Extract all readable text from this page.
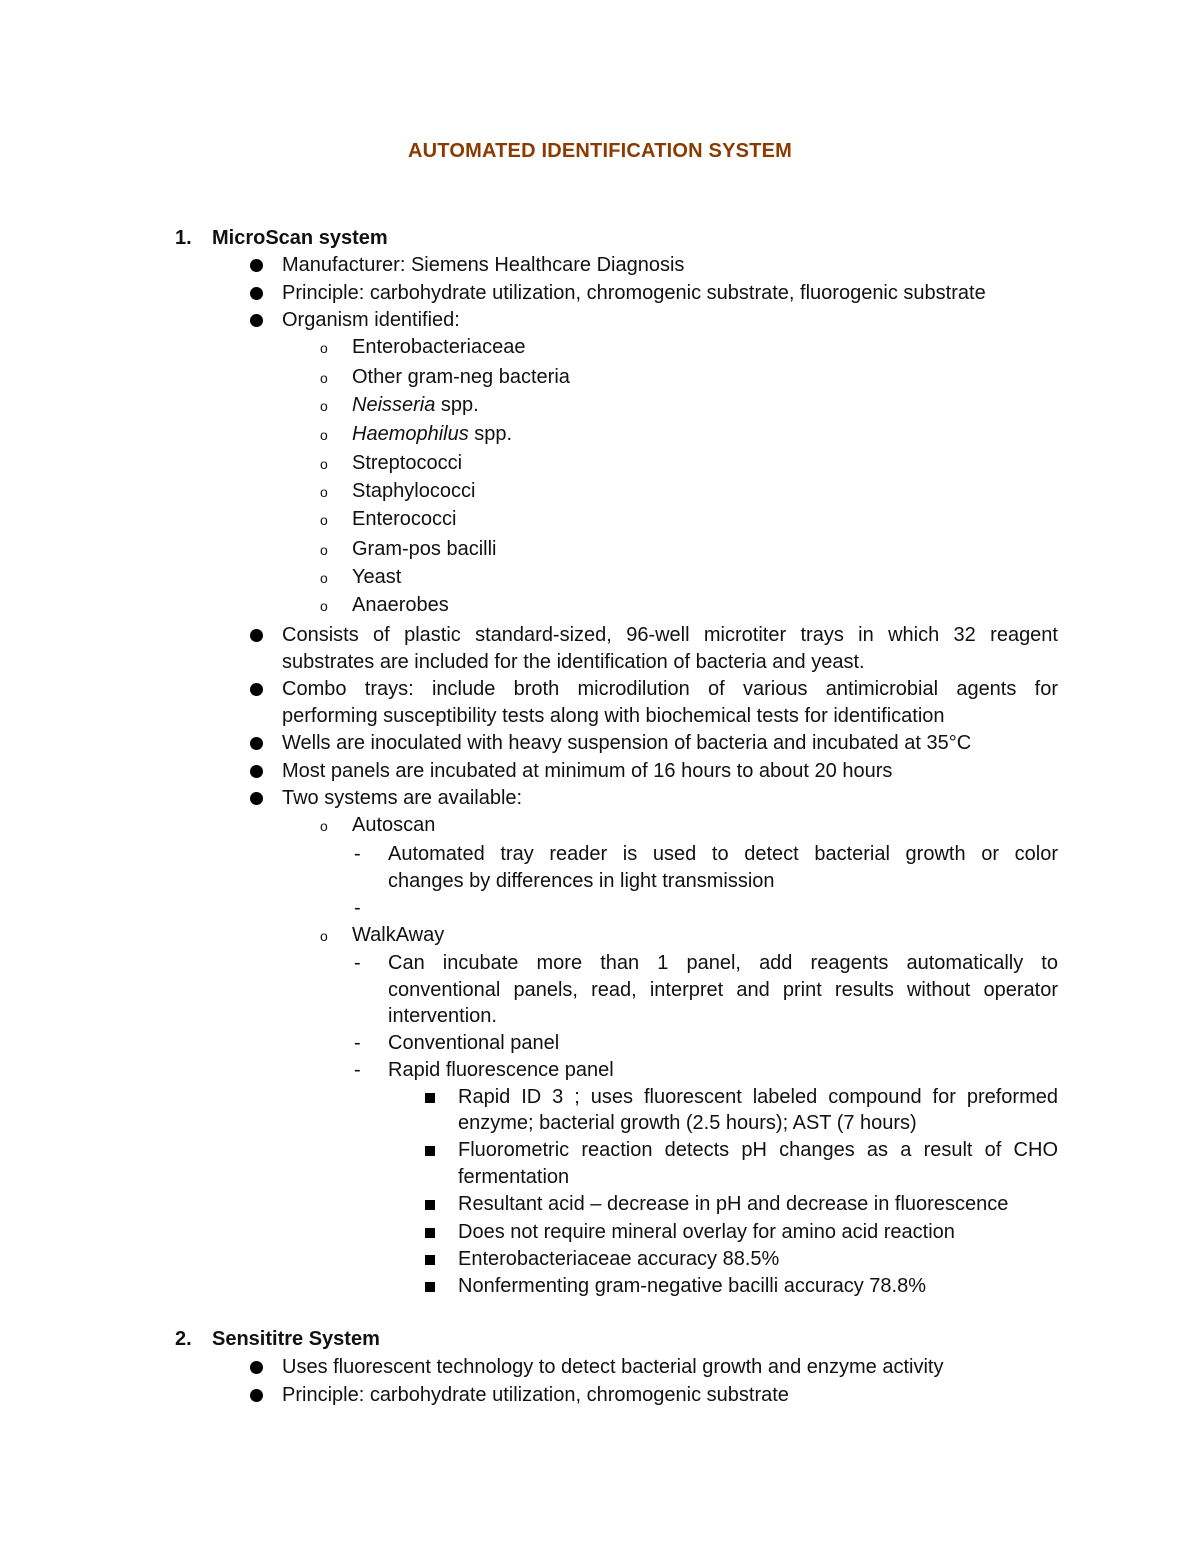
AUTOMATED IDENTIFICATION SYSTEM
1. MicroScan system
Manufacturer: Siemens Healthcare Diagnosis
Principle: carbohydrate utilization, chromogenic substrate, fluorogenic substrate
Organism identified:
o Enterobacteriaceae
o Other gram-neg bacteria
o Neisseria spp.
o Haemophilus spp.
o Streptococci
o Staphylococci
o Enterococci
o Gram-pos bacilli
o Yeast
o Anaerobes
Consists of plastic standard-sized, 96-well microtiter trays in which 32 reagent
substrates are included for the identification of bacteria and yeast.
Combo trays: include broth microdilution of various antimicrobial agents for
performing susceptibility tests along with biochemical tests for identification
Wells are inoculated with heavy suspension of bacteria and incubated at 35°C
Most panels are incubated at minimum of 16 hours to about 20 hours
Two systems are available:
o Autoscan
- Automated tray reader is used to detect bacterial growth or color
changes by differences in light transmission
-
o WalkAway
- Can incubate more than 1 panel, add reagents automatically to
conventional panels, read, interpret and print results without operator
intervention.
- Conventional panel
- Rapid fluorescence panel
Rapid ID 3 ; uses fluorescent labeled compound for preformed
enzyme; bacterial growth (2.5 hours); AST (7 hours)
Fluorometric reaction detects pH changes as a result of CHO
fermentation
Resultant acid – decrease in pH and decrease in fluorescence
Does not require mineral overlay for amino acid reaction
Enterobacteriaceae accuracy 88.5%
Nonfermenting gram-negative bacilli accuracy 78.8%
2. Sensititre System
Uses fluorescent technology to detect bacterial growth and enzyme activity
Principle: carbohydrate utilization, chromogenic substrate
